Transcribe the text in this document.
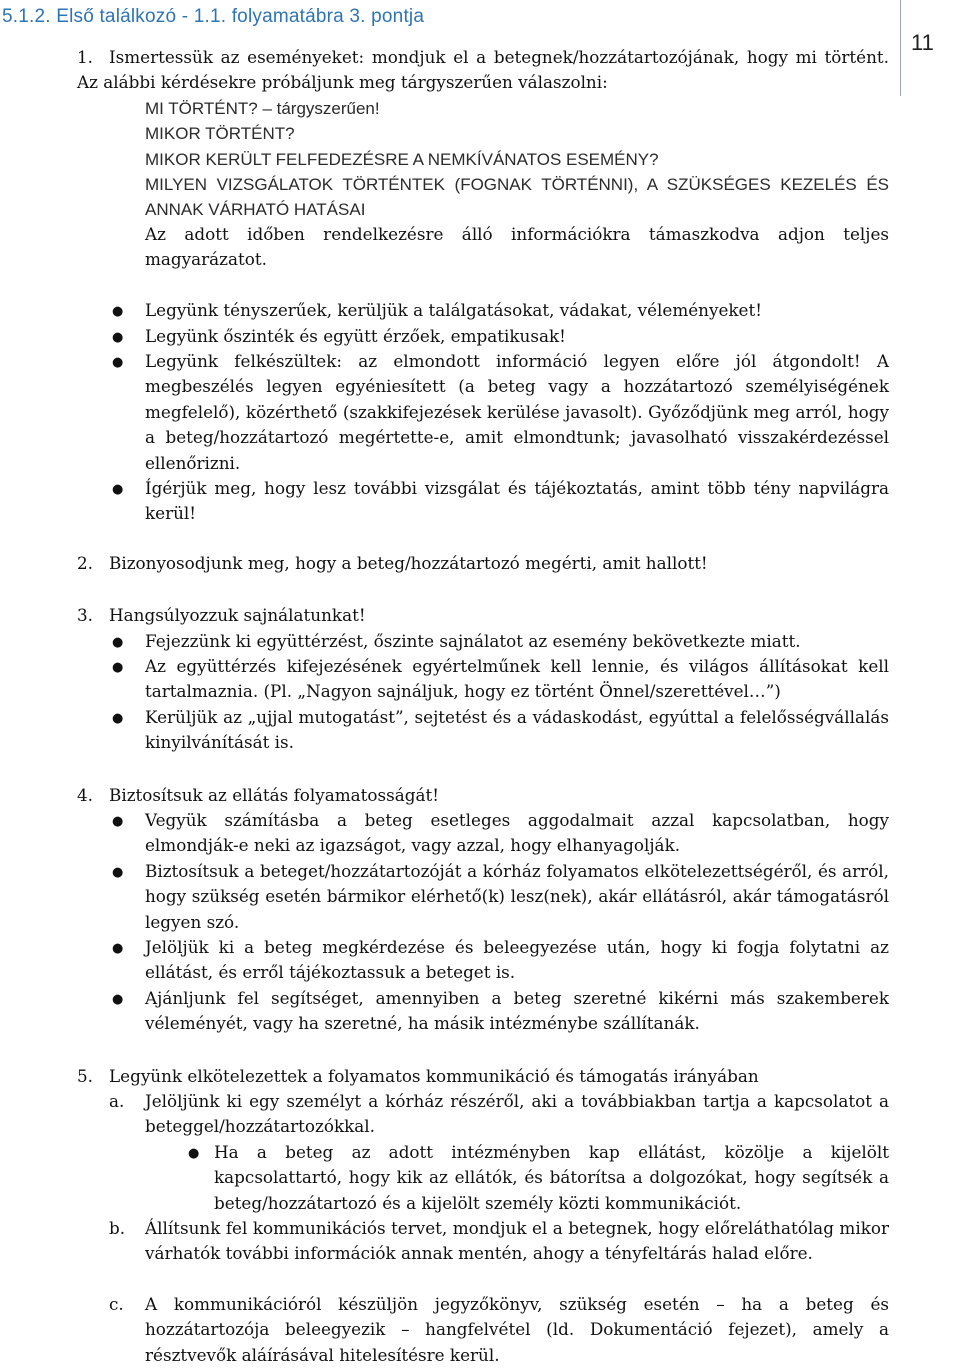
5.1.2. Első találkozó - 1.1. folyamatábra 3. pontja
11
1. Ismertessük az eseményeket: mondjuk el a betegnek/hozzátartozójának, hogy mi történt. Az alábbi kérdésekre próbáljunk meg tárgyszerűen válaszolni:

MI TÖRTÉNT? – tárgyszerűen!

MIKOR TÖRTÉNT?

MIKOR KERÜLT FELFEDEZÉSRE A NEMKÍVÁNATOS ESEMÉNY?

MILYEN VIZSGÁLATOK TÖRTÉNTEK (FOGNAK TÖRTÉNNI), A SZÜKSÉGES KEZELÉS ÉS ANNAK VÁRHATÓ HATÁSAI

Az adott időben rendelkezésre álló információkra támaszkodva adjon teljes magyarázatot.

● Legyünk tényszerűek, kerüljük a találgatásokat, vádakat, véleményeket!

● Legyünk őszinték és együtt érzőek, empatikusak!

● Legyünk felkészültek: az elmondott információ legyen előre jól átgondolt! A megbeszélés legyen egyéniesített (a beteg vagy a hozzátartozó személyiségének megfelelő), közérthető (szakkifejezések kerülése javasolt). Győződjünk meg arról, hogy a beteg/hozzátartozó megértette-e, amit elmondtunk; javasolható visszakérdezéssel ellenőrizni.

● Ígérjük meg, hogy lesz további vizsgálat és tájékoztatás, amint több tény napvilágra kerül!

2. Bizonyosodjunk meg, hogy a beteg/hozzátartozó megérti, amit hallott!

3. Hangsúlyozzuk sajnálatunkat!

● Fejezzünk ki együttérzést, őszinte sajnálatot az esemény bekövetkezte miatt.

● Az együttérzés kifejezésének egyértelműnek kell lennie, és világos állításokat kell tartalmaznia. (Pl. „Nagyon sajnáljuk, hogy ez történt Önnel/szerettével…”)

● Kerüljük az „ujjal mutogatást”, sejtetést és a vádaskodást, egyúttal a felelősségvállalás kinyilvánítását is.

4. Biztosítsuk az ellátás folyamatosságát!

● Vegyük számításba a beteg esetleges aggodalmait azzal kapcsolatban, hogy elmondják-e neki az igazságot, vagy azzal, hogy elhanyagolják.

● Biztosítsuk a beteget/hozzátartozóját a kórház folyamatos elkötelezettségéről, és arról, hogy szükség esetén bármikor elérhető(k) lesz(nek), akár ellátásról, akár támogatásról legyen szó.

● Jelöljük ki a beteg megkérdezése és beleegyezése után, hogy ki fogja folytatni az ellátást, és erről tájékoztassuk a beteget is.

● Ajánljunk fel segítséget, amennyiben a beteg szeretné kikérni más szakemberek véleményét, vagy ha szeretné, ha másik intézménybe szállítanák.

5. Legyünk elkötelezettek a folyamatos kommunikáció és támogatás irányában

a.	Jelöljünk ki egy személyt a kórház részéről, aki a továbbiakban tartja a kapcsolatot a beteggel/hozzátartozókkal.

● Ha a beteg az adott intézményben kap ellátást, közölje a kijelölt kapcsolattartó, hogy kik az ellátók, és bátorítsa a dolgozókat, hogy segítsék a beteg/hozzátartozó és a kijelölt személy közti kommunikációt.

b.	Állítsunk fel kommunikációs tervet, mondjuk el a betegnek, hogy előreláthatólag mikor várhatók további információk annak mentén, ahogy a tényfeltárás halad előre.

c.	A kommunikációról készüljön jegyzőkönyv, szükség esetén – ha a beteg és hozzátartozója beleegyezik – hangfelvétel (ld. Dokumentáció fejezet), amely a résztvevők aláírásával hitelesítésre kerül.
